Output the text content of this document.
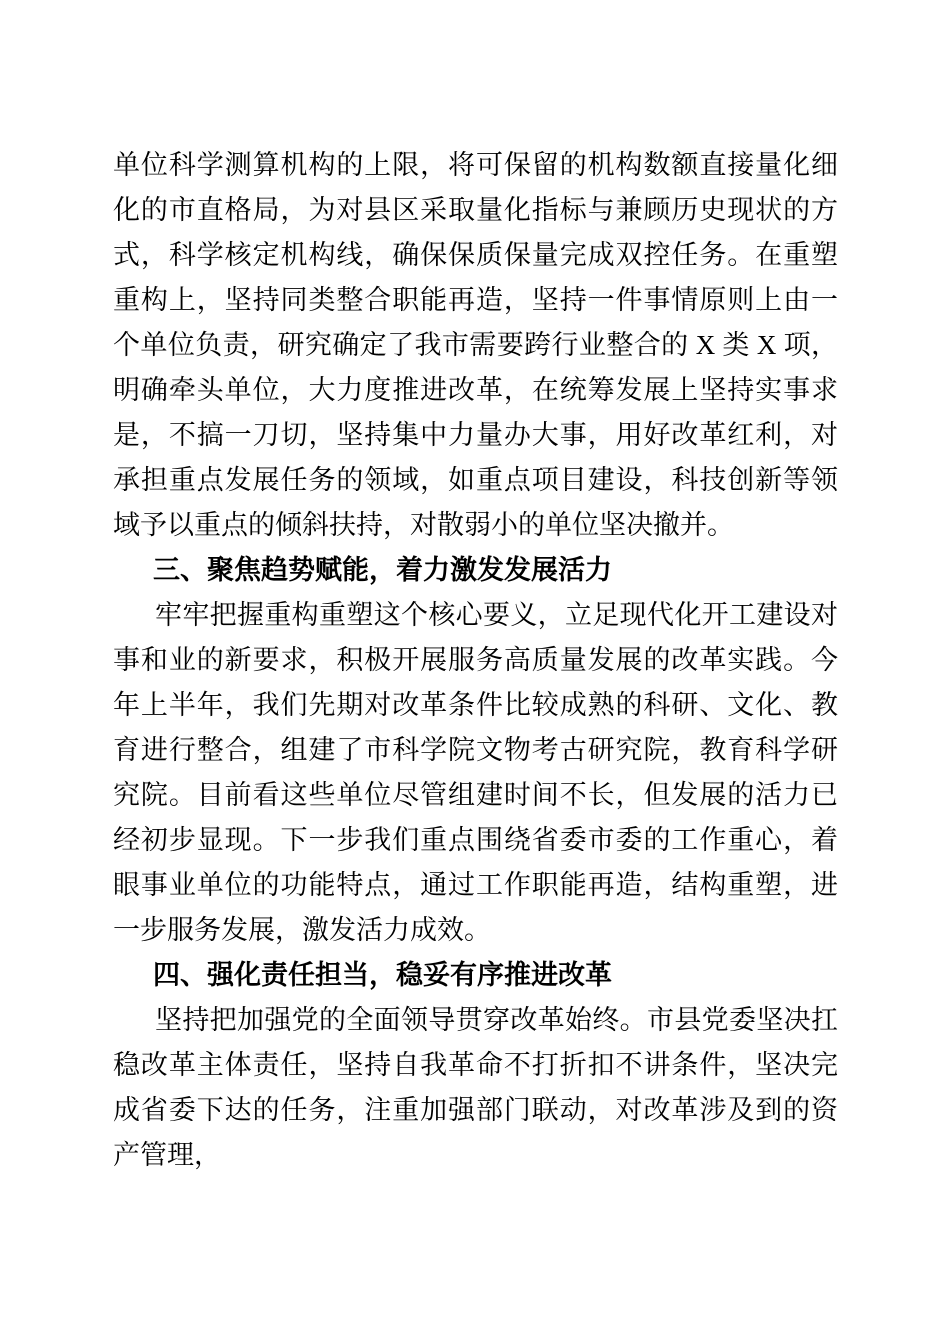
单位科学测算机构的上限，将可保留的机构数额直接量化细化的市直格局，为对县区采取量化指标与兼顾历史现状的方式，科学核定机构线，确保保质保量完成双控任务。在重塑重构上，坚持同类整合职能再造，坚持一件事情原则上由一个单位负责，研究确定了我市需要跨行业整合的 X 类 X 项，明确牵头单位，大力度推进改革，在统筹发展上坚持实事求是，不搞一刀切，坚持集中力量办大事，用好改革红利，对承担重点发展任务的领域，如重点项目建设，科技创新等领域予以重点的倾斜扶持，对散弱小的单位坚决撤并。

三、聚焦趋势赋能，着力激发发展活力

牢牢把握重构重塑这个核心要义，立足现代化开工建设对事和业的新要求，积极开展服务高质量发展的改革实践。今年上半年，我们先期对改革条件比较成熟的科研、文化、教育进行整合，组建了市科学院文物考古研究院，教育科学研究院。目前看这些单位尽管组建时间不长，但发展的活力已经初步显现。下一步我们重点围绕省委市委的工作重心，着眼事业单位的功能特点，通过工作职能再造，结构重塑，进一步服务发展，激发活力成效。

四、强化责任担当，稳妥有序推进改革

坚持把加强党的全面领导贯穿改革始终。市县党委坚决扛稳改革主体责任，坚持自我革命不打折扣不讲条件，坚决完成省委下达的任务，注重加强部门联动，对改革涉及到的资产管理，
